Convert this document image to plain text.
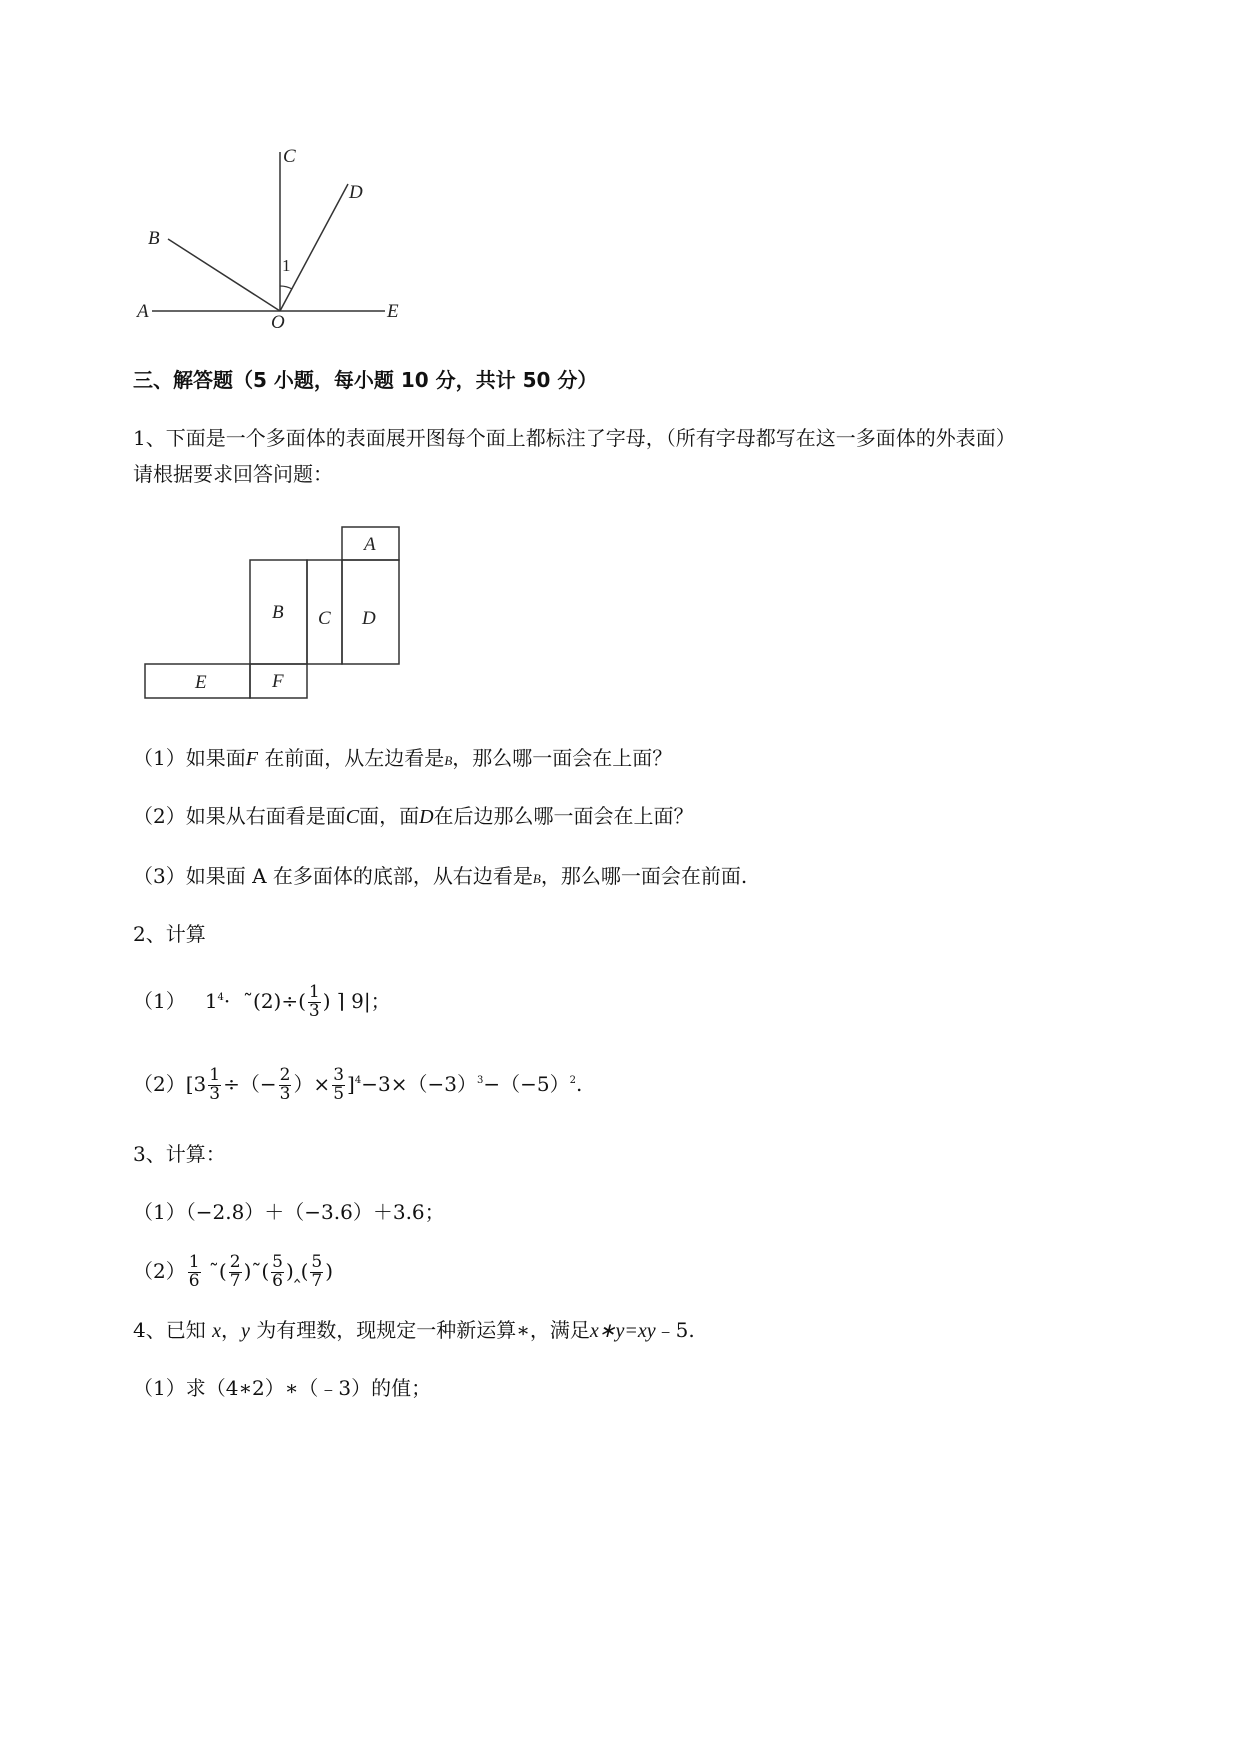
A
B
C
D
E
O
1
三、解答题（5 小题，每小题 10 分，共计 50 分）
1、下面是一个多面体的表面展开图每个面上都标注了字母，（所有字母都写在这一多面体的外表面）
请根据要求回答问题：
A
B C D
E	F
（1）如果面F 在前面，从左边看是B，那么哪一面会在上面？
（2）如果从右面看是面C面，面D在后边那么哪一面会在上面？
（3）如果面 A 在多面体的底部，从右边看是B，那么哪一面会在前面.
2、计算
（1） $1^4\cdot$ ˜(2)÷( $\frac{1}{3}$ ) ⌉ 9|；
$(2)[3 \frac{1}{3}$ ÷（− $\frac{2}{3}$ ）× $\frac{3}{5} ]^4-3\times(-3)^3-(-5)^2$.
3、计算：
（1）（−2.8）＋（−3.6）＋3.6；
$(2) \frac{1}{6}$ ˜( $\frac{2}{7}$ )˜( $\frac{5}{6}$ )‸( $\frac{5}{7}$ )
4、已知 x，y 为有理数，现规定一种新运算∗，满足x∗y=xy﹣5.
（1）求（4∗2）∗（﹣3）的值；
